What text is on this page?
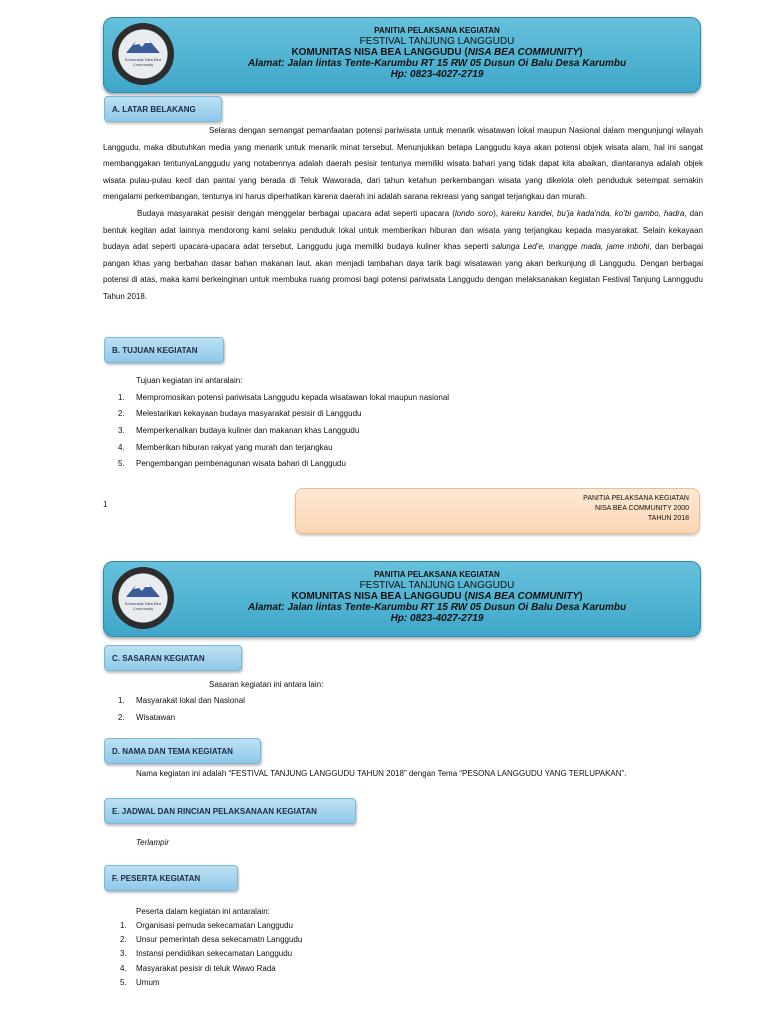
Komunitas Nisa Bea Community
PANITIA PELAKSANA KEGIATAN
FESTIVAL TANJUNG LANGGUDU
KOMUNITAS NISA BEA LANGGUDU (NISA BEA COMMUNITY)
Alamat: Jalan lintas Tente-Karumbu RT 15 RW 05 Dusun Oi Balu Desa Karumbu
Hp: 0823-4027-2719
A. LATAR BELAKANG

Selaras dengan semangat pemanfaatan potensi pariwisata untuk menarik wisatawan lokal maupun Nasional dalam mengunjungi wilayah Langgudu, maka dibutuhkan media yang menarik untuk menarik minat tersebut. Menunjukkan betapa Langgudu kaya akan potensi objek wisata alam, hal ini sangat membanggakan tentunyaLanggudu yang notabennya adalah daerah pesisir tentunya memiliki wisata bahari yang tidak dapat kita abaikan, diantaranya adalah objek wisata pulau-pulau kecil dan pantai yang berada di Teluk Waworada, dari tahun ketahun perkembangan wisata yang dikelola oleh penduduk setempat semakin mengalami perkembangan, tentunya ini harus diperhatikan karena daerah ini adalah sarana rekreasi yang sangat terjangkau dan murah.

Budaya masyarakat pesisir dengan menggelar berbagai upacara adat seperti upacara (londo soro), kareku kandei, bu’ja kada’nda, ko’bi gambo, hadra, dan bentuk kegitan adat lainnya mendorong kami selaku penduduk lokal untuk memberikan hiburan dan wisata yang terjangkau kepada masyarakat. Selain kekayaan budaya adat seperti upacara-upacara adat tersebut, Langgudu juga memiliki budaya kuliner khas seperti salunga Led’e, mangge mada, jame mbohi, dan berbagai pangan khas yang berbahan dasar bahan makanan laut, akan menjadi tambahan daya tarik bagi wisatawan yang akan berkunjung di Langgudu. Dengan berbagai potensi di atas, maka kami berkeinginan untuk membuka ruang promosi bagi potensi pariwisata Langgudu dengan melaksanakan kegiatan Festival Tanjung Lannggudu Tahun 2018.

B. TUJUAN KEGIATAN
Tujuan kegiatan ini antaralain:
1. Mempromosikan potensi pariwisata Langgudu kepada wisatawan lokal maupun nasional
2. Melestarikan kekayaan budaya masyarakat pesisir di Langgudu
3. Memperkenalkan budaya kuliner dan makanan khas Langgudu
4. Memberikan hiburan rakyat yang murah dan terjangkau
5. Pengembangan pembenagunan wisata bahari di Langgudu
1
PANITIA PELAKSANA KEGIATAN
NISA BEA COMMUNITY 2000
TAHUN 2018
Komunitas Nisa Bea Community
PANITIA PELAKSANA KEGIATAN
FESTIVAL TANJUNG LANGGUDU
KOMUNITAS NISA BEA LANGGUDU (NISA BEA COMMUNITY)
Alamat: Jalan lintas Tente-Karumbu RT 15 RW 05 Dusun Oi Balu Desa Karumbu
Hp: 0823-4027-2719
C. SASARAN KEGIATAN
Sasaran kegiatan ini antara lain:
1. Masyarakat lokal dan Nasional
2. Wisatawan
D. NAMA DAN TEMA KEGIATAN
Nama kegiatan ini adalah “FESTIVAL TANJUNG LANGGUDU TAHUN 2018” dengan Tema “PESONA LANGGUDU YANG TERLUPAKAN”.
E. JADWAL DAN RINCIAN PELAKSANAAN KEGIATAN
Terlampir
F. PESERTA KEGIATAN
Peserta dalam kegiatan ini antaralain:
1. Organisasi pemuda sekecamatan Langgudu
2. Unsur pemerintah desa sekecamatn Langgudu
3. Instansi pendidikan sekecamatan Langgudu
4. Masyarakat pesisir di teluk Wawo Rada
5. Umum
